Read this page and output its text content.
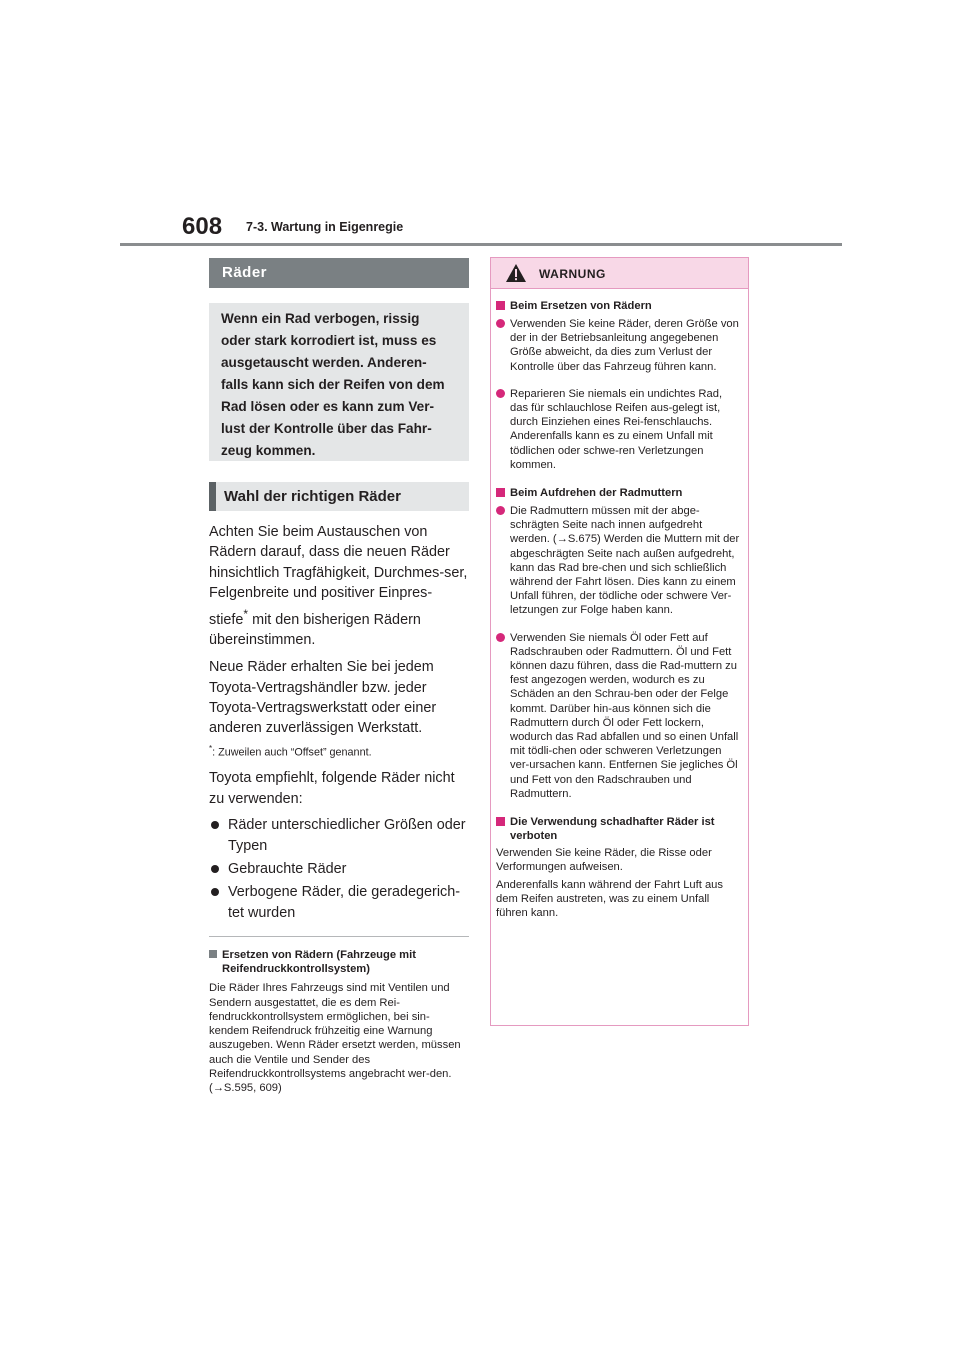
608 7-3. Wartung in Eigenregie
Räder
Wenn ein Rad verbogen, rissig
oder stark korrodiert ist, muss es
ausgetauscht werden. Anderen-
falls kann sich der Reifen von dem
Rad lösen oder es kann zum Ver-
lust der Kontrolle über das Fahr-
zeug kommen.
Wahl der richtigen Räder

Achten Sie beim Austauschen von Rädern darauf, dass die neuen Räder hinsichtlich Tragfähigkeit, Durchmes-ser, Felgenbreite und positiver Einpres-stiefe* mit den bisherigen Rädern übereinstimmen.

Neue Räder erhalten Sie bei jedem Toyota-Vertragshändler bzw. jeder Toyota-Vertragswerkstatt oder einer anderen zuverlässigen Werkstatt.

*: Zuweilen auch “Offset” genannt.

Toyota empfiehlt, folgende Räder nicht zu verwenden:

Räder unterschiedlicher Größen oder Typen
Gebrauchte Räder
Verbogene Räder, die geradegerich-tet wurden
Ersetzen von Rädern (Fahrzeuge mit Reifendruckkontrollsystem)
Die Räder Ihres Fahrzeugs sind mit Ventilen und Sendern ausgestattet, die es dem Rei-fendruckkontrollsystem ermöglichen, bei sin-kendem Reifendruck frühzeitig eine Warnung auszugeben. Wenn Räder ersetzt werden, müssen auch die Ventile und Sender des Reifendruckkontrollsystems angebracht wer-den. (→S.595, 609)
WARNUNG
Beim Ersetzen von Rädern
Verwenden Sie keine Räder, deren Größe von der in der Betriebsanleitung angegebenen Größe abweicht, da dies zum Verlust der Kontrolle über das Fahrzeug führen kann.
Reparieren Sie niemals ein undichtes Rad, das für schlauchlose Reifen aus-gelegt ist, durch Einziehen eines Rei-fenschlauchs. Anderenfalls kann es zu einem Unfall mit tödlichen oder schwe-ren Verletzungen kommen.
Beim Aufdrehen der Radmuttern
Die Radmuttern müssen mit der abge-schrägten Seite nach innen aufgedreht werden. (→S.675) Werden die Muttern mit der abgeschrägten Seite nach außen aufgedreht, kann das Rad bre-chen und sich schließlich während der Fahrt lösen. Dies kann zu einem Unfall führen, der tödliche oder schwere Ver-letzungen zur Folge haben kann.
Verwenden Sie niemals Öl oder Fett auf Radschrauben oder Radmuttern. Öl und Fett können dazu führen, dass die Rad-muttern zu fest angezogen werden, wodurch es zu Schäden an den Schrau-ben oder der Felge kommt. Darüber hin-aus können sich die Radmuttern durch Öl oder Fett lockern, wodurch das Rad abfallen und so einen Unfall mit tödli-chen oder schweren Verletzungen ver-ursachen kann. Entfernen Sie jegliches Öl und Fett von den Radschrauben und Radmuttern.
Die Verwendung schadhafter Räder ist verboten
Verwenden Sie keine Räder, die Risse oder Verformungen aufweisen.
Anderenfalls kann während der Fahrt Luft aus dem Reifen austreten, was zu einem Unfall führen kann.
